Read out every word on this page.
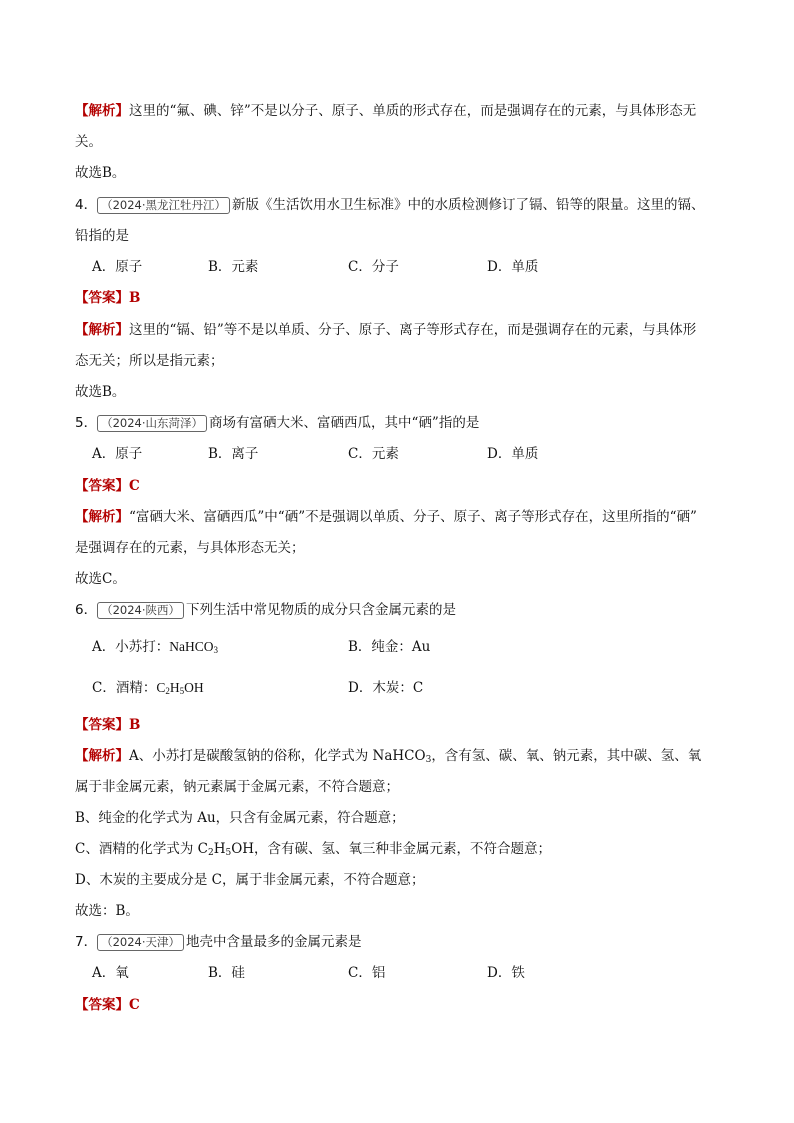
【解析】这里的“氟、碘、锌”不是以分子、原子、单质的形式存在，而是强调存在的元素，与具体形态无
关。
故选B。
4． （2024·黑龙江牡丹江） 新版《生活饮用水卫生标准》中的水质检测修订了镉、铅等的限量。这里的镉、
铅指的是
A．原子	B．元素	C．分子	D．单质
【答案】B
【解析】这里的“镉、铅”等不是以单质、分子、原子、离子等形式存在，而是强调存在的元素，与具体形
态无关；所以是指元素；
故选B。
5． （2024·山东菏泽） 商场有富硒大米、富硒西瓜，其中“硒”指的是
A．原子	B．离子	C．元素	D．单质
【答案】C
【解析】“富硒大米、富硒西瓜”中“硒”不是强调以单质、分子、原子、离子等形式存在，这里所指的“硒”
是强调存在的元素，与具体形态无关；
故选C。
6． （2024·陕西） 下列生活中常见物质的成分只含金属元素的是
A．小苏打：NaHCO$_3$	B．纯金：Au
C．酒精：$C_2H_5OH$	D．木炭：C
【答案】B
【解析】A、小苏打是碳酸氢钠的俗称，化学式为 NaHCO$_3$，含有氢、碳、氧、钠元素，其中碳、氢、氧
属于非金属元素，钠元素属于金属元素，不符合题意；
B、纯金的化学式为 Au，只含有金属元素，符合题意；
C、酒精的化学式为 $C_2H_5OH$，含有碳、氢、氧三种非金属元素，不符合题意；
D、木炭的主要成分是 C，属于非金属元素，不符合题意；
故选：B。
7． （2024·天津） 地壳中含量最多的金属元素是
A．氧	B．硅	C．铝	D．铁
【答案】C
